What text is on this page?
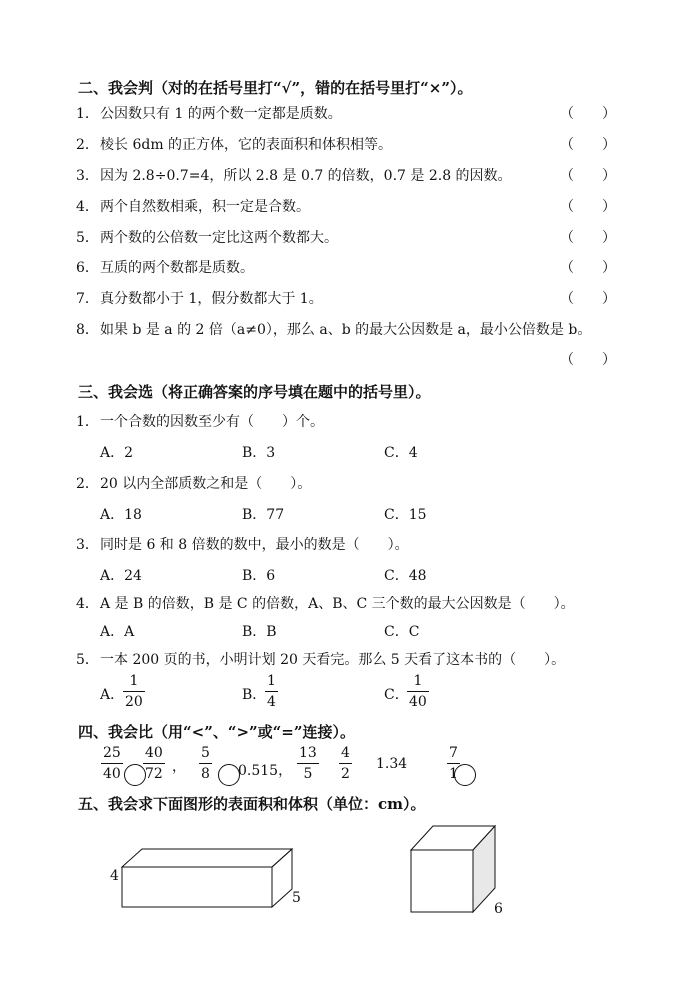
二、我会判（对的在括号里打“√”，错的在括号里打“×”）。
1． 公因数只有 1 的两个数一定都是质数。	（　　）
2． 棱长 6dm 的正方体，它的表面积和体积相等。	（　　）
3． 因为 2.8÷0.7=4，所以 2.8 是 0.7 的倍数，0.7 是 2.8 的因数。	（　　）
4． 两个自然数相乘，积一定是合数。	（　　）
5． 两个数的公倍数一定比这两个数都大。	（　　）
6． 互质的两个数都是质数。	（　　）
7． 真分数都小于 1，假分数都大于 1。	（　　）
8． 如果 b 是 a 的 2 倍（a≠0），那么 a、b 的最大公因数是 a，最小公倍数是 b。
（　　）
三、我会选（将正确答案的序号填在题中的括号里）。
1． 一个合数的因数至少有（　　）个。
A．2	B．3	C．4
2． 20 以内全部质数之和是（　　）。
A．18	B．77	C．15
3． 同时是 6 和 8 倍数的数中，最小的数是（　　）。
A．24	B．6	C．48
4． A 是 B 的倍数，B 是 C 的倍数，A、B、C 三个数的最大公因数是（　　）。
A．A	B．B	C．C
5． 一本 200 页的书，小明计划 20 天看完。那么 5 天看了这本书的（　　）。
A．
1
20	B．
1
4	C．
1
40
四、我会比（用“<”、“>”或“=”连接）。
25
40
40
72 ，
5
8 0.515，
13
5
4
2
1.34
7
1
五、我会求下面图形的表面积和体积（单位：cm）。
4
5
6
